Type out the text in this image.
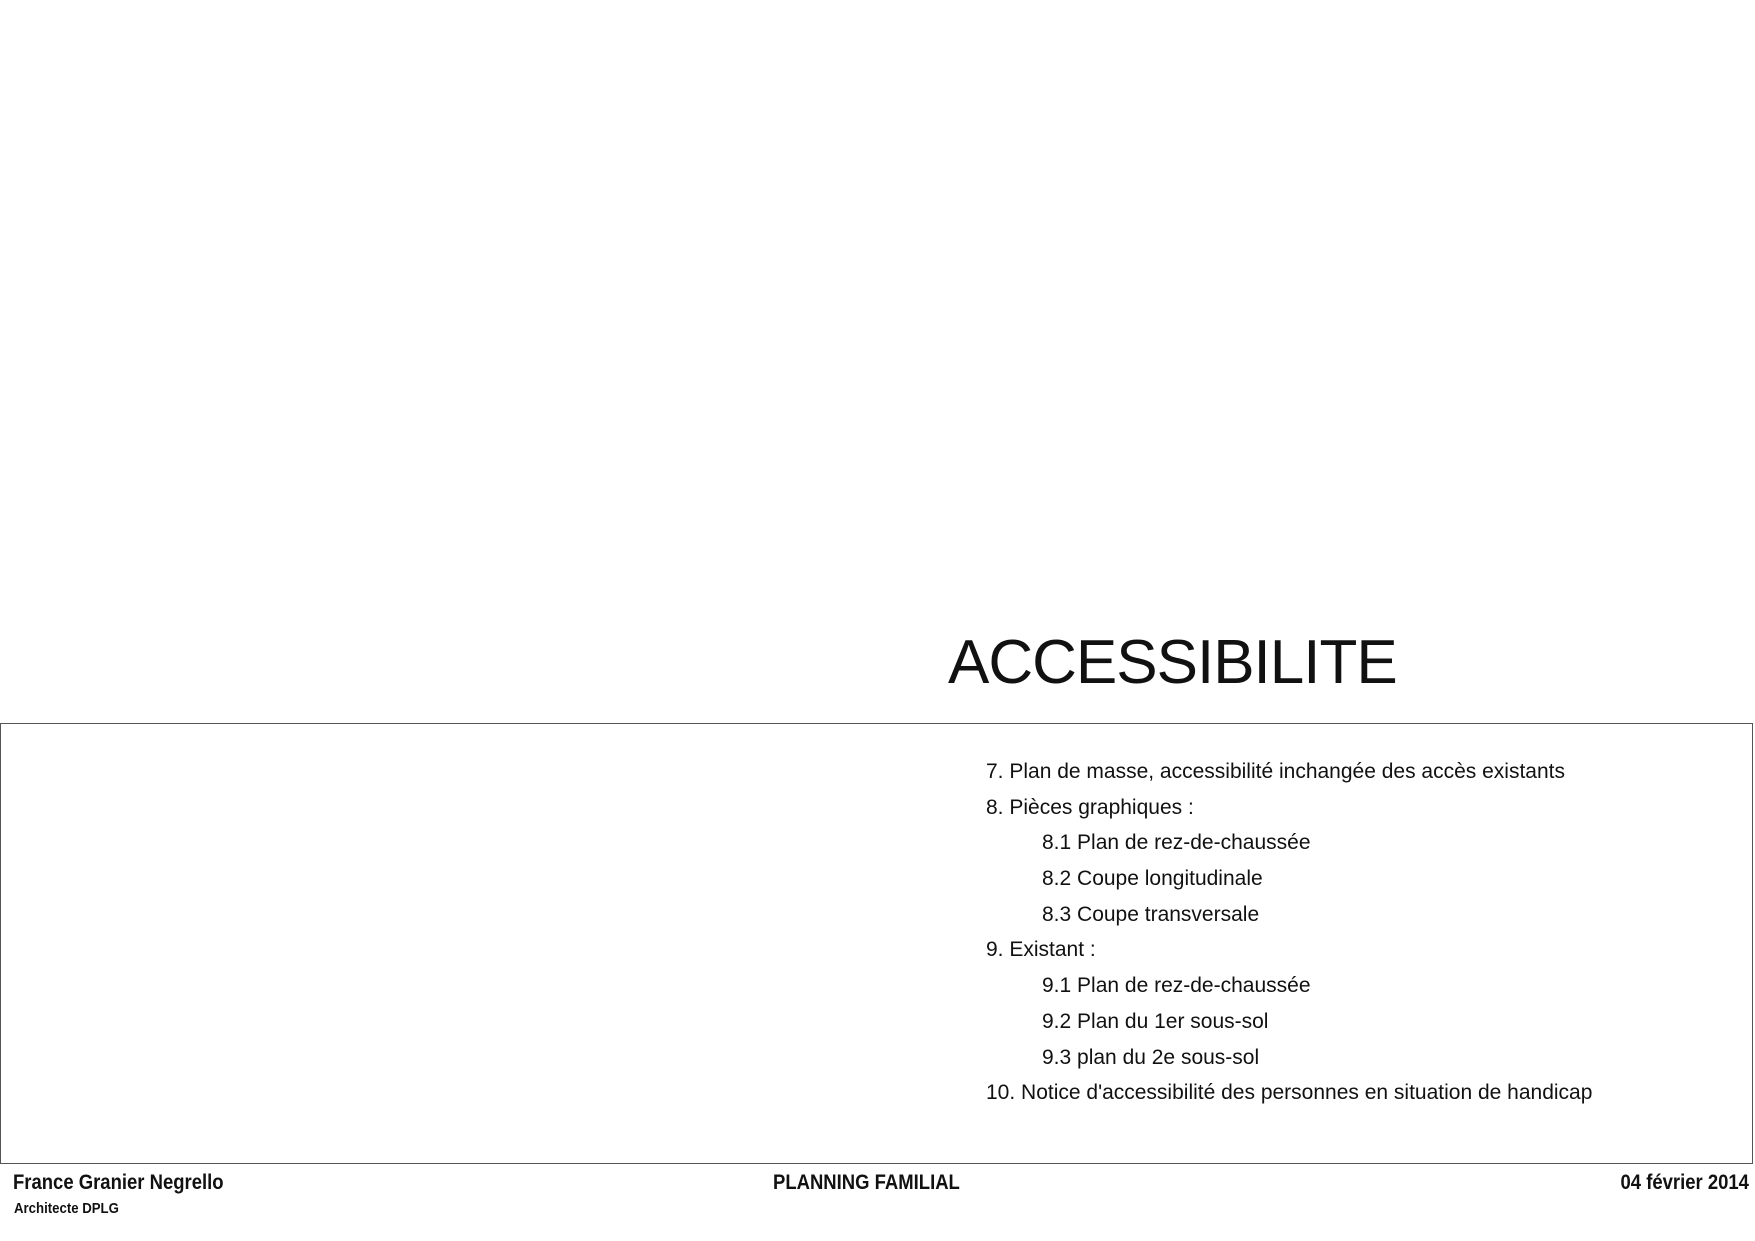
ACCESSIBILITE
7. Plan de masse, accessibilité inchangée des accès existants
8. Pièces graphiques :
8.1 Plan de rez-de-chaussée
8.2 Coupe longitudinale
8.3 Coupe transversale
9. Existant :
9.1 Plan de rez-de-chaussée
9.2 Plan du 1er sous-sol
9.3 plan du 2e sous-sol
10. Notice d'accessibilité des personnes en situation de handicap
France Granier Negrello
Architecte DPLG
PLANNING FAMILIAL	04 février 2014
